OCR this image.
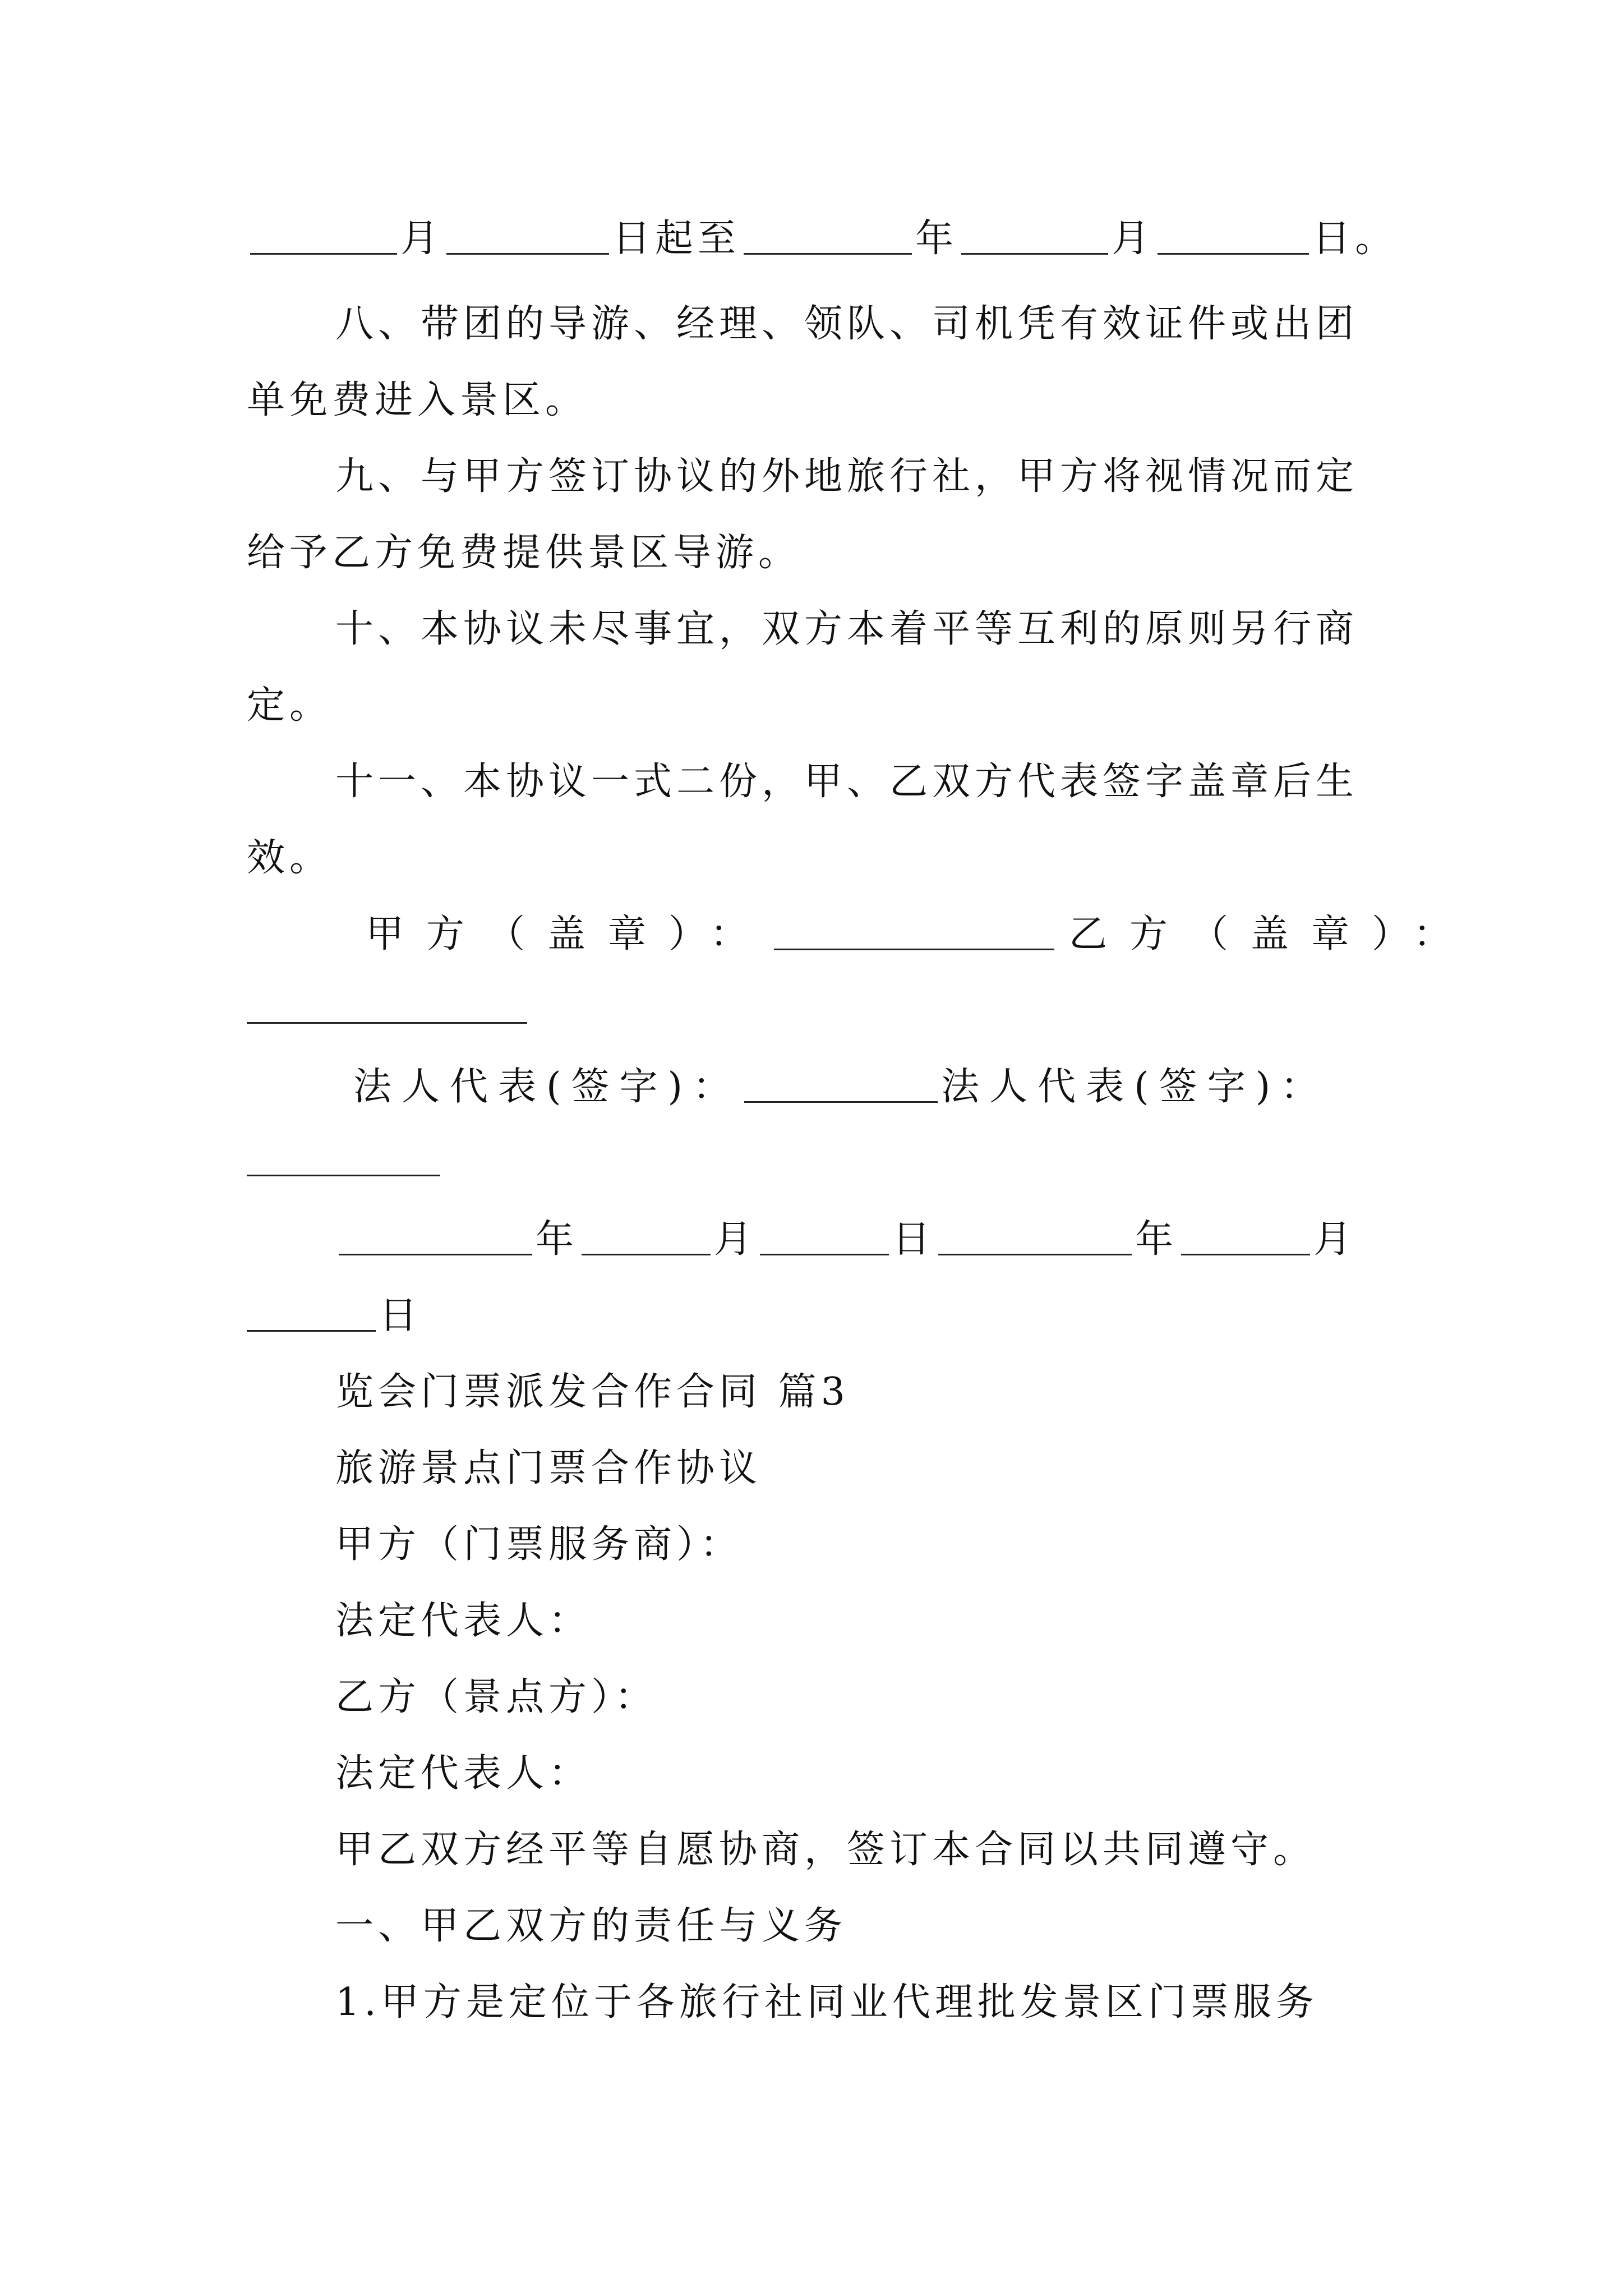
月	日起至	年	月	日。
八、带团的导游、经理、领队、司机凭有效证件或出团
单免费进入景区。
九、与甲方签订协议的外地旅行社，甲方将视情况而定
给予乙方免费提供景区导游。
十、本协议未尽事宜，双方本着平等互利的原则另行商
定。
十一、本协议一式二份，甲、乙双方代表签字盖章后生
效。
甲方（盖章）：	乙方（盖章）：
法人代表(签字)：	法人代表(签字)：
年	月	日	年	月
日
览会门票派发合作合同 篇3
旅游景点门票合作协议
甲方（门票服务商）：
法定代表人：
乙方（景点方）：
法定代表人：
甲乙双方经平等自愿协商，签订本合同以共同遵守。
一、甲乙双方的责任与义务
1.甲方是定位于各旅行社同业代理批发景区门票服务
